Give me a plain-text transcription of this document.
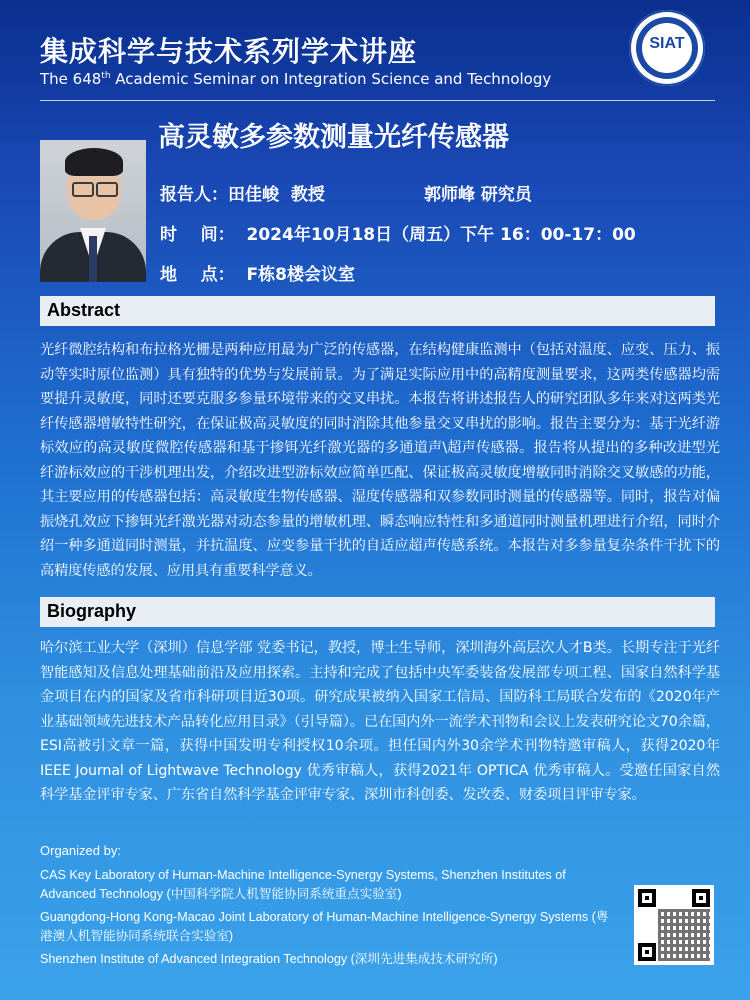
集成科学与技术系列学术讲座
The 648th Academic Seminar on Integration Science and Technology
SIAT
高灵敏多参数测量光纤传感器
报告人：田佳峻  教授	郭师峰 研究员
时    间：  2024年10月18日（周五）下午 16：00-17：00
地    点：  F栋8楼会议室
Abstract
光纤微腔结构和布拉格光栅是两种应用最为广泛的传感器，在结构健康监测中（包括对温度、应变、压力、振动等实时原位监测）具有独特的优势与发展前景。为了满足实际应用中的高精度测量要求，这两类传感器均需要提升灵敏度，同时还要克服多参量环境带来的交叉串扰。本报告将讲述报告人的研究团队多年来对这两类光纤传感器增敏特性研究，在保证极高灵敏度的同时消除其他参量交叉串扰的影响。报告主要分为：基于光纤游标效应的高灵敏度微腔传感器和基于掺铒光纤激光器的多通道声\超声传感器。报告将从提出的多种改进型光纤游标效应的干涉机理出发，介绍改进型游标效应简单匹配、保证极高灵敏度增敏同时消除交叉敏感的功能，其主要应用的传感器包括：高灵敏度生物传感器、湿度传感器和双参数同时测量的传感器等。同时，报告对偏振烧孔效应下掺铒光纤激光器对动态参量的增敏机理、瞬态响应特性和多通道同时测量机理进行介绍，同时介绍一种多通道同时测量，并抗温度、应变参量干扰的自适应超声传感系统。本报告对多参量复杂条件干扰下的高精度传感的发展、应用具有重要科学意义。
Biography
哈尔滨工业大学（深圳）信息学部 党委书记，教授，博士生导师，深圳海外高层次人才B类。长期专注于光纤智能感知及信息处理基础前沿及应用探索。主持和完成了包括中央军委装备发展部专项工程、国家自然科学基金项目在内的国家及省市科研项目近30项。研究成果被纳入国家工信局、国防科工局联合发布的《2020年产业基础领域先进技术产品转化应用目录》（引导篇）。已在国内外一流学术刊物和会议上发表研究论文70余篇，ESI高被引文章一篇，获得中国发明专利授权10余项。担任国内外30余学术刊物特邀审稿人，获得2020年IEEE Journal of Lightwave Technology 优秀审稿人，获得2021年 OPTICA 优秀审稿人。受邀任国家自然科学基金评审专家、广东省自然科学基金评审专家、深圳市科创委、发改委、财委项目评审专家。
Organized by:
CAS Key Laboratory of Human-Machine Intelligence-Synergy Systems, Shenzhen Institutes of Advanced Technology (中国科学院人机智能协同系统重点实验室)
Guangdong-Hong Kong-Macao Joint Laboratory of Human-Machine Intelligence-Synergy Systems (粤港澳人机智能协同系统联合实验室)
Shenzhen Institute of Advanced Integration Technology (深圳先进集成技术研究所)
